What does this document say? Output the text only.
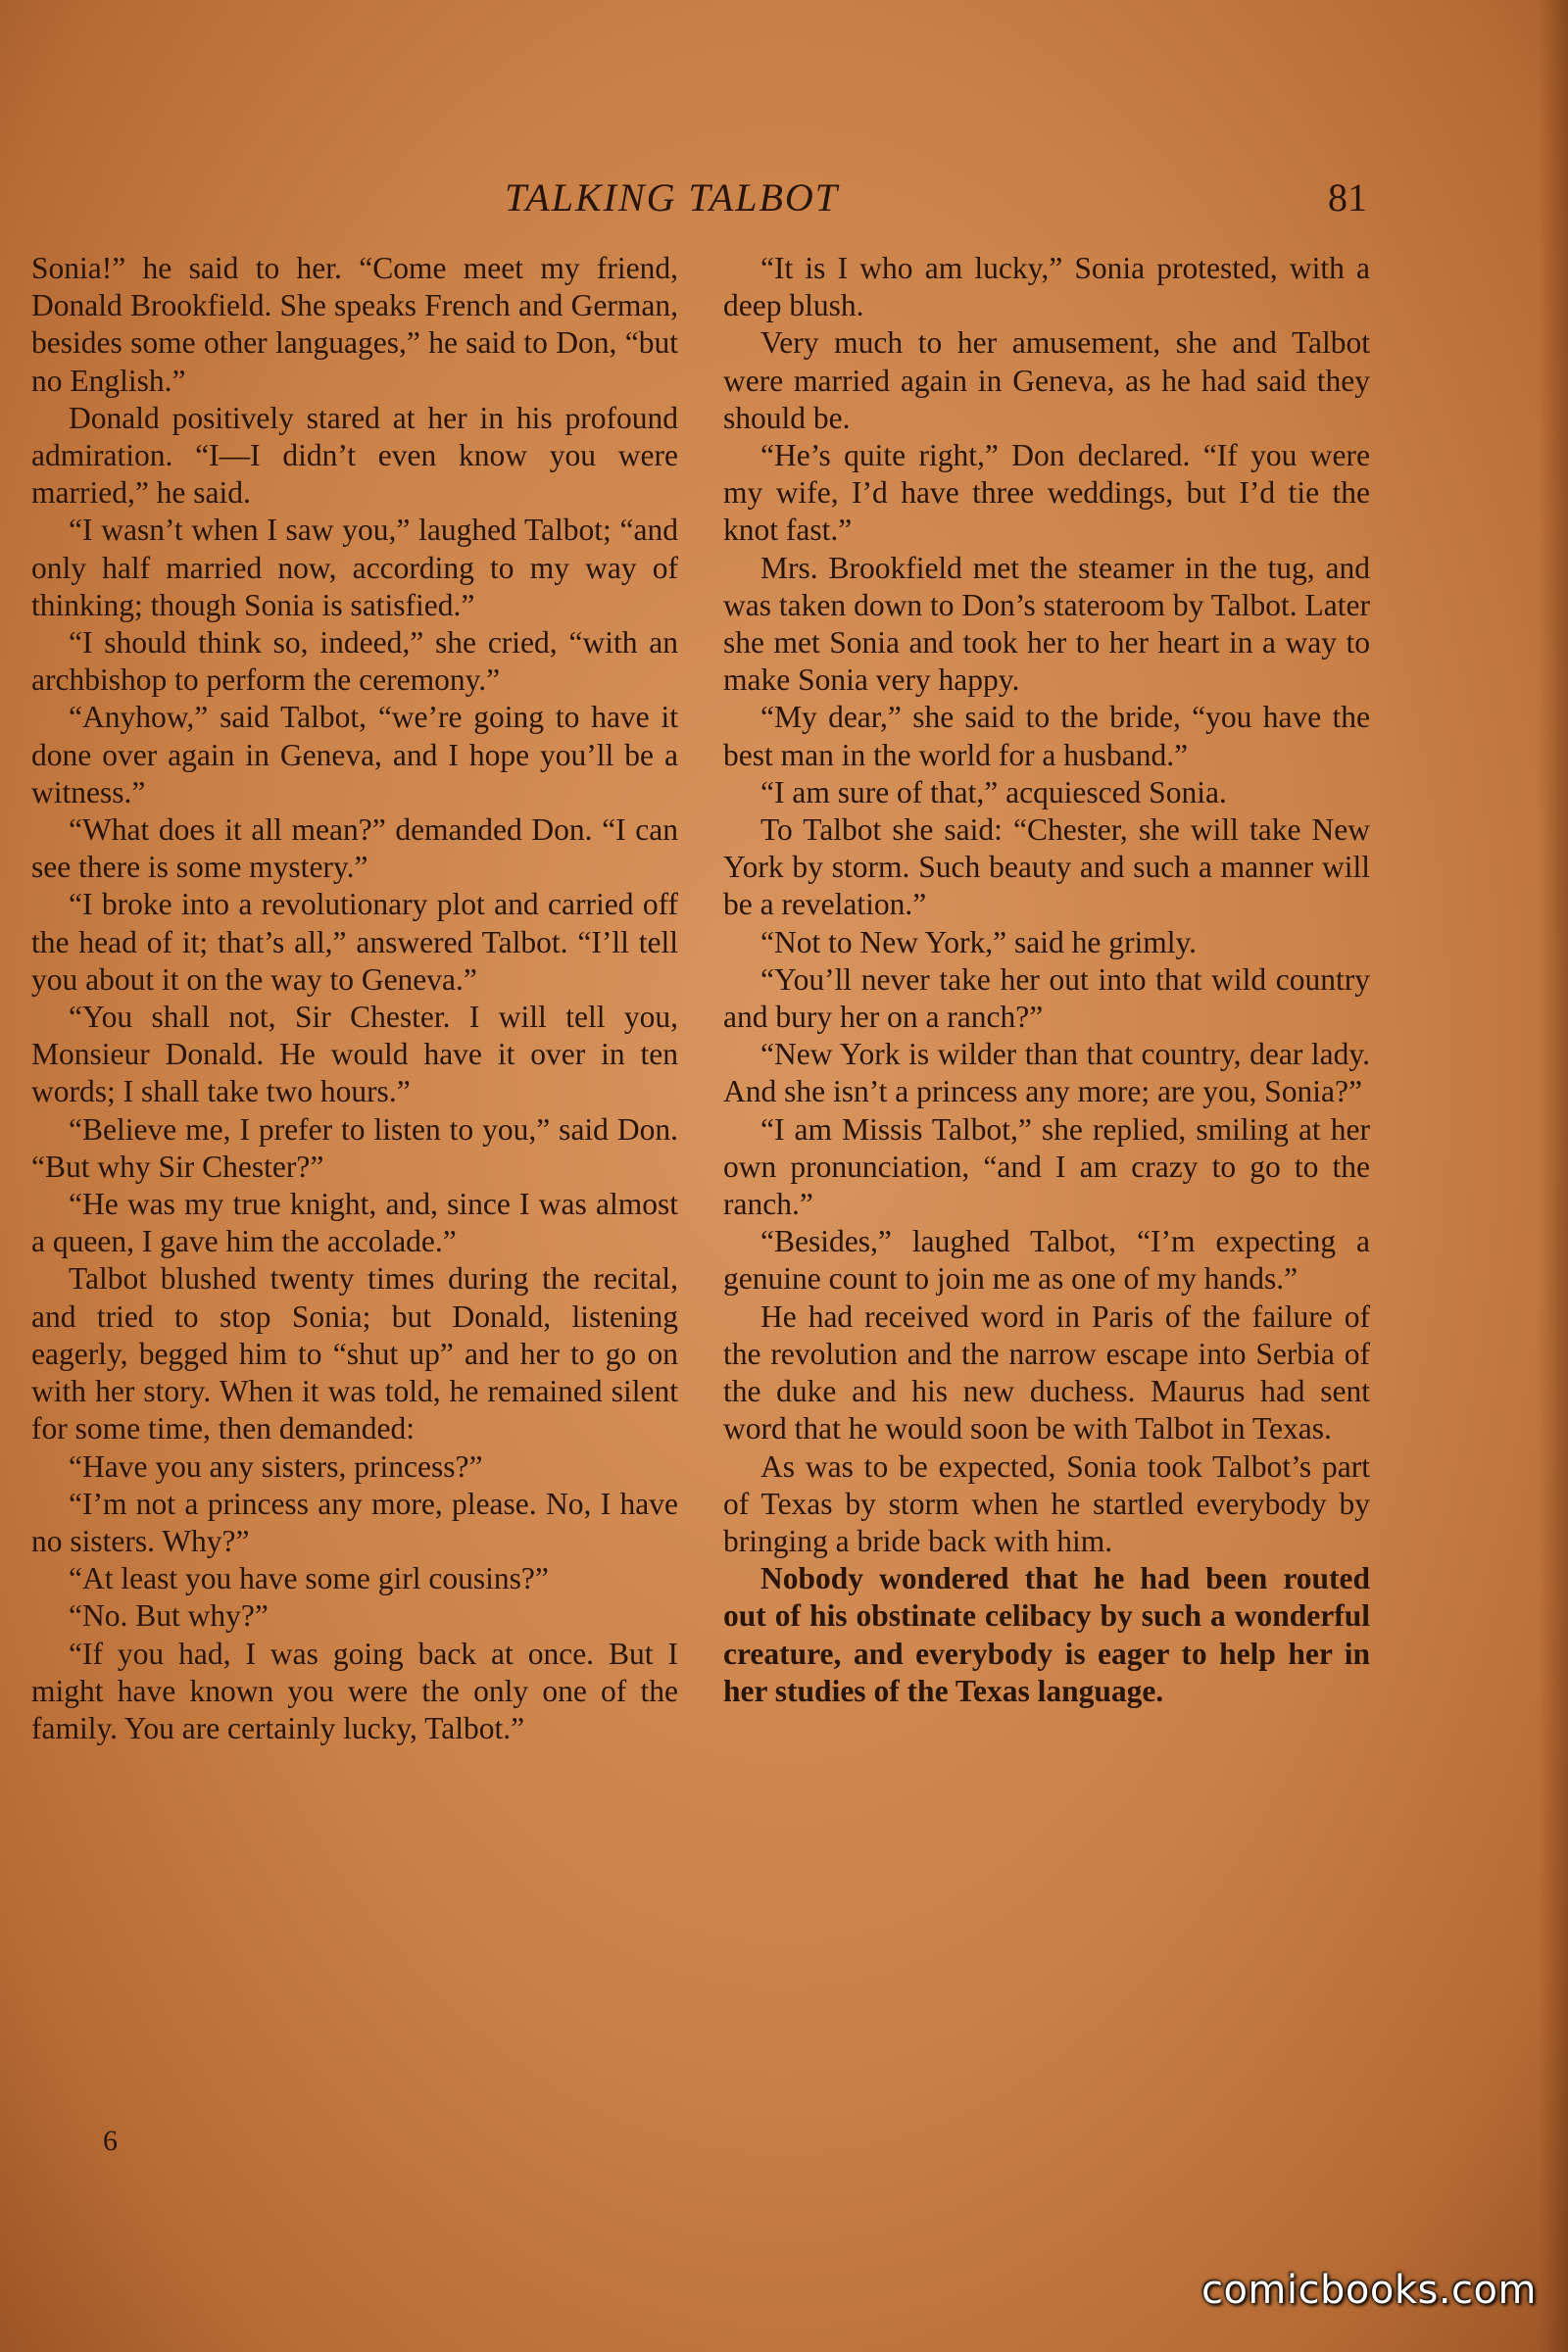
TALKING TALBOT	81

Sonia!” he said to her. “Come meet my friend, Donald Brookfield. She speaks French and German, besides some other languages,” he said to Don, “but no English.”

Donald positively stared at her in his profound admiration. “I—I didn’t even know you were married,” he said.

“I wasn’t when I saw you,” laughed Talbot; “and only half married now, according to my way of thinking; though Sonia is satisfied.”

“I should think so, indeed,” she cried, “with an archbishop to perform the ceremony.”

“Anyhow,” said Talbot, “we’re going to have it done over again in Geneva, and I hope you’ll be a witness.”

“What does it all mean?” demanded Don. “I can see there is some mystery.”

“I broke into a revolutionary plot and carried off the head of it; that’s all,” answered Talbot. “I’ll tell you about it on the way to Geneva.”

“You shall not, Sir Chester. I will tell you, Monsieur Donald. He would have it over in ten words; I shall take two hours.”

“Believe me, I prefer to listen to you,” said Don. “But why Sir Chester?”

“He was my true knight, and, since I was almost a queen, I gave him the accolade.”

Talbot blushed twenty times during the recital, and tried to stop Sonia; but Donald, listening eagerly, begged him to “shut up” and her to go on with her story. When it was told, he remained silent for some time, then demanded:

“Have you any sisters, princess?”

“I’m not a princess any more, please. No, I have no sisters. Why?”

“At least you have some girl cousins?”

“No. But why?”

“If you had, I was going back at once. But I might have known you were the only one of the family. You are certainly lucky, Talbot.”

“It is I who am lucky,” Sonia protested, with a deep blush.

Very much to her amusement, she and Talbot were married again in Geneva, as he had said they should be.

“He’s quite right,” Don declared. “If you were my wife, I’d have three weddings, but I’d tie the knot fast.”

Mrs. Brookfield met the steamer in the tug, and was taken down to Don’s stateroom by Talbot. Later she met Sonia and took her to her heart in a way to make Sonia very happy.

“My dear,” she said to the bride, “you have the best man in the world for a husband.”

“I am sure of that,” acquiesced Sonia.

To Talbot she said: “Chester, she will take New York by storm. Such beauty and such a manner will be a revelation.”

“Not to New York,” said he grimly.

“You’ll never take her out into that wild country and bury her on a ranch?”

“New York is wilder than that country, dear lady. And she isn’t a princess any more; are you, Sonia?”

“I am Missis Talbot,” she replied, smiling at her own pronunciation, “and I am crazy to go to the ranch.”

“Besides,” laughed Talbot, “I’m expecting a genuine count to join me as one of my hands.”

He had received word in Paris of the failure of the revolution and the narrow escape into Serbia of the duke and his new duchess. Maurus had sent word that he would soon be with Talbot in Texas.

As was to be expected, Sonia took Talbot’s part of Texas by storm when he startled everybody by bringing a bride back with him.

Nobody wondered that he had been routed out of his obstinate celibacy by such a wonderful creature, and everybody is eager to help her in her studies of the Texas language.

6
comicbooks.com
